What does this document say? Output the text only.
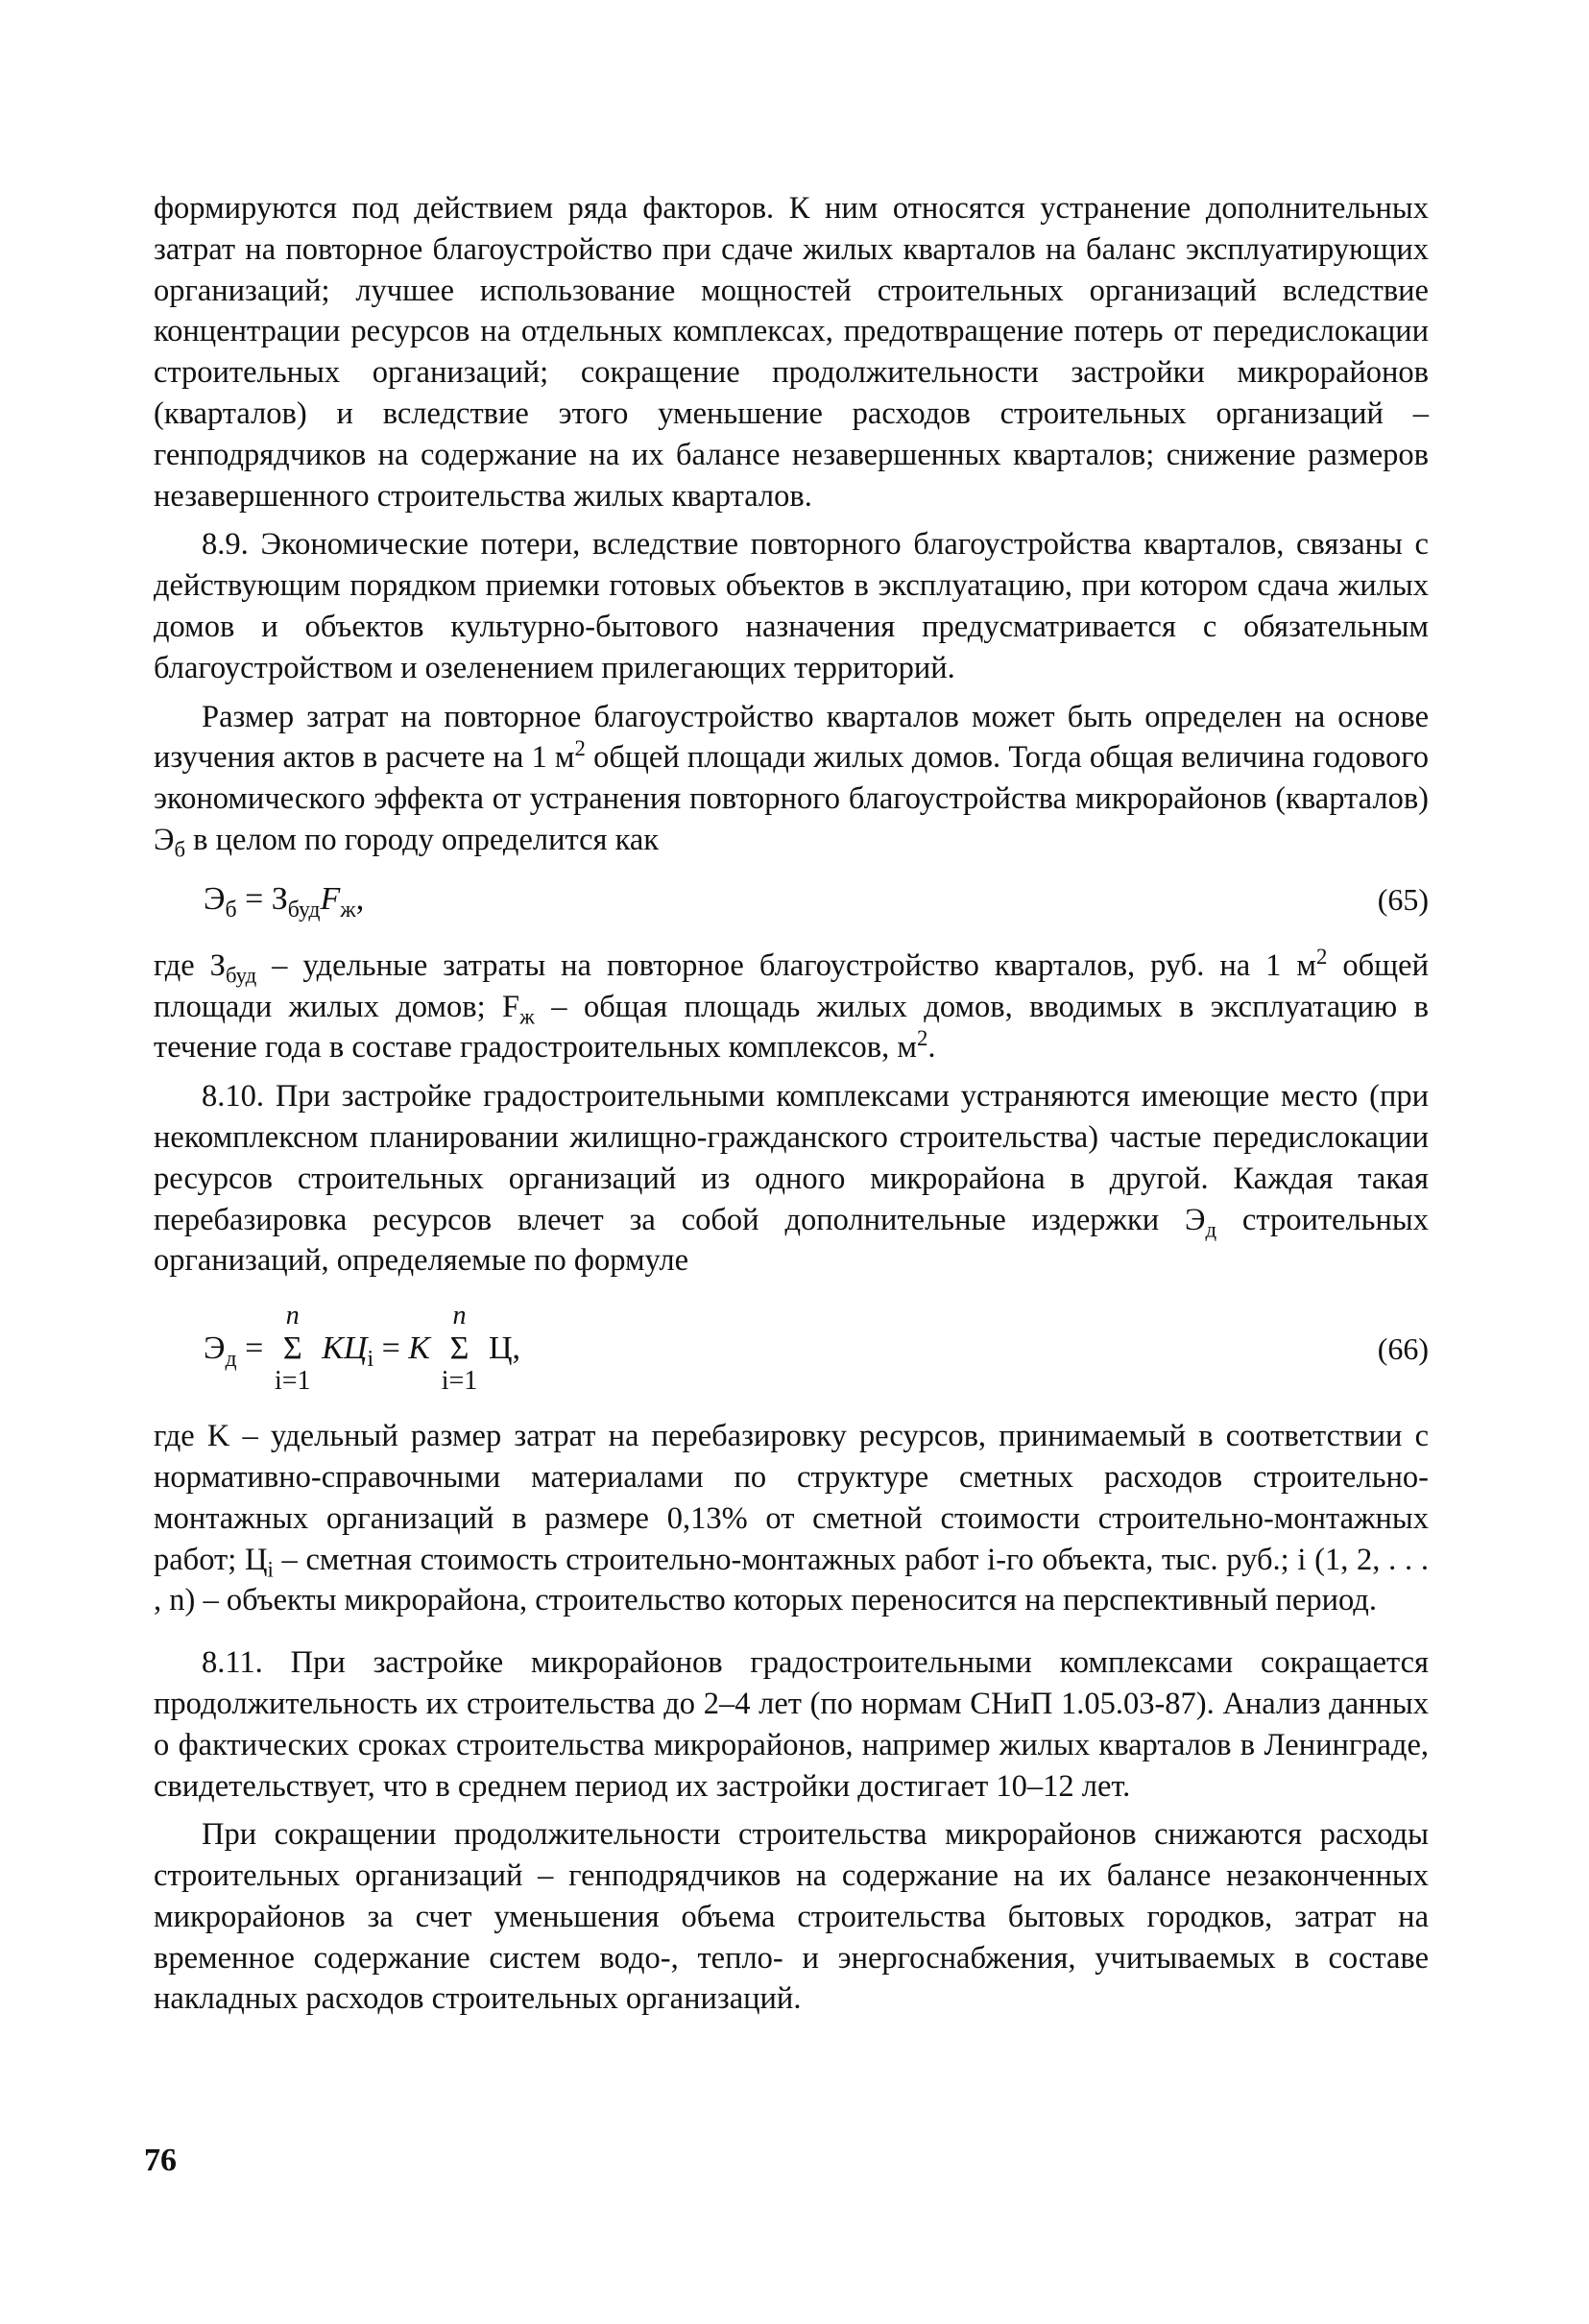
формируются под действием ряда факторов. К ним относятся устранение дополнительных затрат на повторное благоустройство при сдаче жилых кварталов на баланс эксплуатирующих организаций; лучшее использование мощностей строительных организаций вследствие концентрации ресурсов на отдельных комплексах, предотвращение потерь от передислокации строительных организаций; сокращение продолжительности застройки микрорайонов (кварталов) и вследствие этого уменьшение расходов строительных организаций – генподрядчиков на содержание на их балансе незавершенных кварталов; снижение размеров незавершенного строительства жилых кварталов.

8.9. Экономические потери, вследствие повторного благоустройства кварталов, связаны с действующим порядком приемки готовых объектов в эксплуатацию, при котором сдача жилых домов и объектов культурно-бытового назначения предусматривается с обязательным благоустройством и озеленением прилегающих территорий.

Размер затрат на повторное благоустройство кварталов может быть определен на основе изучения актов в расчете на 1 $м^2$ общей площади жилых домов. Тогда общая величина годового экономического эффекта от устранения повторного благоустройства микрорайонов (кварталов) $Э_б$ в целом по городу определится как

$Э_б = З_{буд}F_ж$,	(65)

где $З_{буд}$ – удельные затраты на повторное благоустройство кварталов, руб. на 1 $м^2$ общей площади жилых домов; $F_ж$ – общая площадь жилых домов, вводимых в эксплуатацию в течение года в составе градостроительных комплексов, $м^2$.

8.10. При застройке градостроительными комплексами устраняются имеющие место (при некомплексном планировании жилищно-гражданского строительства) частые передислокации ресурсов строительных организаций из одного микрорайона в другой. Каждая такая перебазировка ресурсов влечет за собой дополнительные издержки $Э_д$ строительных организаций, определяемые по формуле

$Э_д$ =
n
Σ
i=1
$KЦ_i = K$
n
Σ
i=1
Ц,	(66)

где K – удельный размер затрат на перебазировку ресурсов, принимаемый в соответствии с нормативно-справочными материалами по структуре сметных расходов строительно-монтажных организаций в размере 0,13% от сметной стоимости строительно-монтажных работ; $Ц_i$ – сметная стоимость строительно-монтажных работ i-го объекта, тыс. руб.; i (1, 2, . . . , n) – объекты микрорайона, строительство которых переносится на перспективный период.

8.11. При застройке микрорайонов градостроительными комплексами сокращается продолжительность их строительства до 2–4 лет (по нормам СНиП 1.05.03-87). Анализ данных о фактических сроках строительства микрорайонов, например жилых кварталов в Ленинграде, свидетельствует, что в среднем период их застройки достигает 10–12 лет.

При сокращении продолжительности строительства микрорайонов снижаются расходы строительных организаций – генподрядчиков на содержание на их балансе незаконченных микрорайонов за счет уменьшения объема строительства бытовых городков, затрат на временное содержание систем водо-, тепло- и энергоснабжения, учитываемых в составе накладных расходов строительных организаций.

76
